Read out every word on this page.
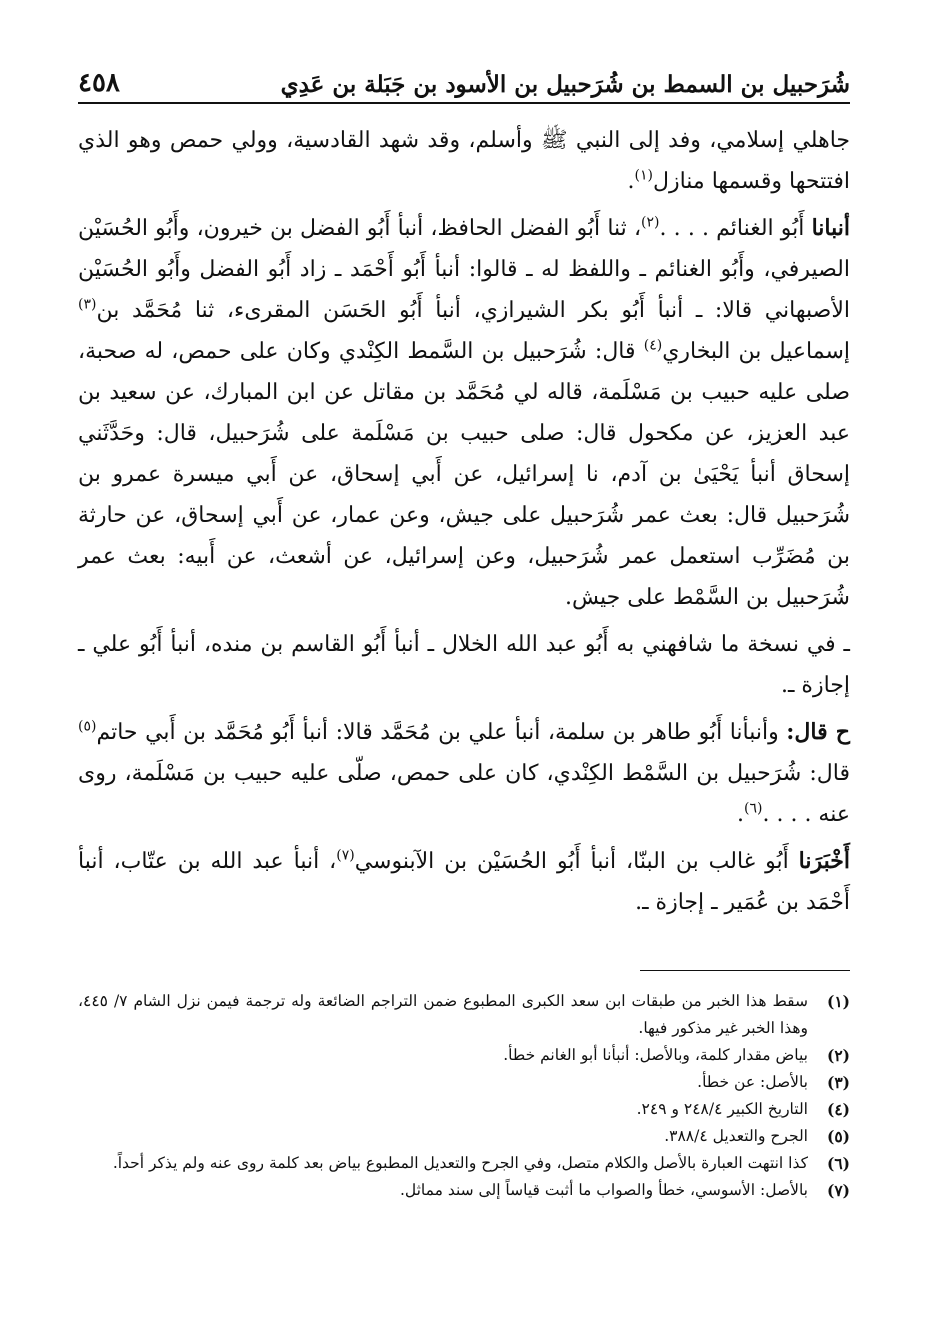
شُرَحبيل بن السمط بن شُرَحبيل بن الأسود بن جَبَلة بن عَدِي
٤٥٨

جاهلي إسلامي، وفد إلى النبي ﷺ وأسلم، وقد شهد القادسية، وولي حمص وهو الذي افتتحها وقسمها منازل$^{(١)}$.

أنبانا أَبُو الغنائم . . . .$^{(٢)}$، ثنا أَبُو الفضل الحافظ، أنبأ أَبُو الفضل بن خيرون، وأَبُو الحُسَيْن الصيرفي، وأَبُو الغنائم ـ واللفظ له ـ قالوا: أنبأ أَبُو أَحْمَد ـ زاد أَبُو الفضل وأَبُو الحُسَيْن الأصبهاني قالا: ـ أنبأ أَبُو بكر الشيرازي، أنبأ أَبُو الحَسَن المقرىء، ثنا مُحَمَّد بن$^{(٣)}$ إسماعيل بن البخاري$^{(٤)}$ قال: شُرَحبيل بن السَّمط الكِنْدي وكان على حمص، له صحبة، صلى عليه حبيب بن مَسْلَمة، قاله لي مُحَمَّد بن مقاتل عن ابن المبارك، عن سعيد بن عبد العزيز، عن مكحول قال: صلى حبيب بن مَسْلَمة على شُرَحبيل، قال: وحَدَّثَني إسحاق أنبأ يَحْيَىٰ بن آدم، نا إسرائيل، عن أَبي إسحاق، عن أَبي ميسرة عمرو بن شُرَحبيل قال: بعث عمر شُرَحبيل على جيش، وعن عمار، عن أَبي إسحاق، عن حارثة بن مُضَرِّب استعمل عمر شُرَحبيل، وعن إسرائيل، عن أشعث، عن أَبيه: بعث عمر شُرَحبيل بن السَّمْط على جيش.

ـ في نسخة ما شافهني به أَبُو عبد الله الخلال ـ أنبأ أَبُو القاسم بن منده، أنبأ أَبُو علي ـ إجازة ـ.

ح قال: وأنبأنا أَبُو طاهر بن سلمة، أنبأ علي بن مُحَمَّد قالا: أنبأ أَبُو مُحَمَّد بن أَبي حاتم$^{(٥)}$ قال: شُرَحبيل بن السَّمْط الكِنْدي، كان على حمص، صلّى عليه حبيب بن مَسْلَمة، روى عنه . . . .$^{(٦)}$.

أَخْبَرَنا أَبُو غالب بن البنّا، أنبأ أَبُو الحُسَيْن بن الآبنوسي$^{(٧)}$، أنبأ عبد الله بن عتّاب، أنبأ أَحْمَد بن عُمَير ـ إجازة ـ.

(١)
سقط هذا الخبر من طبقات ابن سعد الكبرى المطبوع ضمن التراجم الضائعة وله ترجمة فيمن نزل الشام ٧/ ٤٤٥، وهذا الخبر غير مذكور فيها.
(٢)
بياض مقدار كلمة، وبالأصل: أنبأنا أبو الغانم خطأ.
(٣)
بالأصل: عن خطأ.
(٤)
التاريخ الكبير ٢٤٨/٤ و ٢٤٩.
(٥)
الجرح والتعديل ٣٨٨/٤.
(٦)
كذا انتهت العبارة بالأصل والكلام متصل، وفي الجرح والتعديل المطبوع بياض بعد كلمة روى عنه ولم يذكر أحداً.
(٧)
بالأصل: الأسوسي، خطأ والصواب ما أثبت قياساً إلى سند مماثل.
